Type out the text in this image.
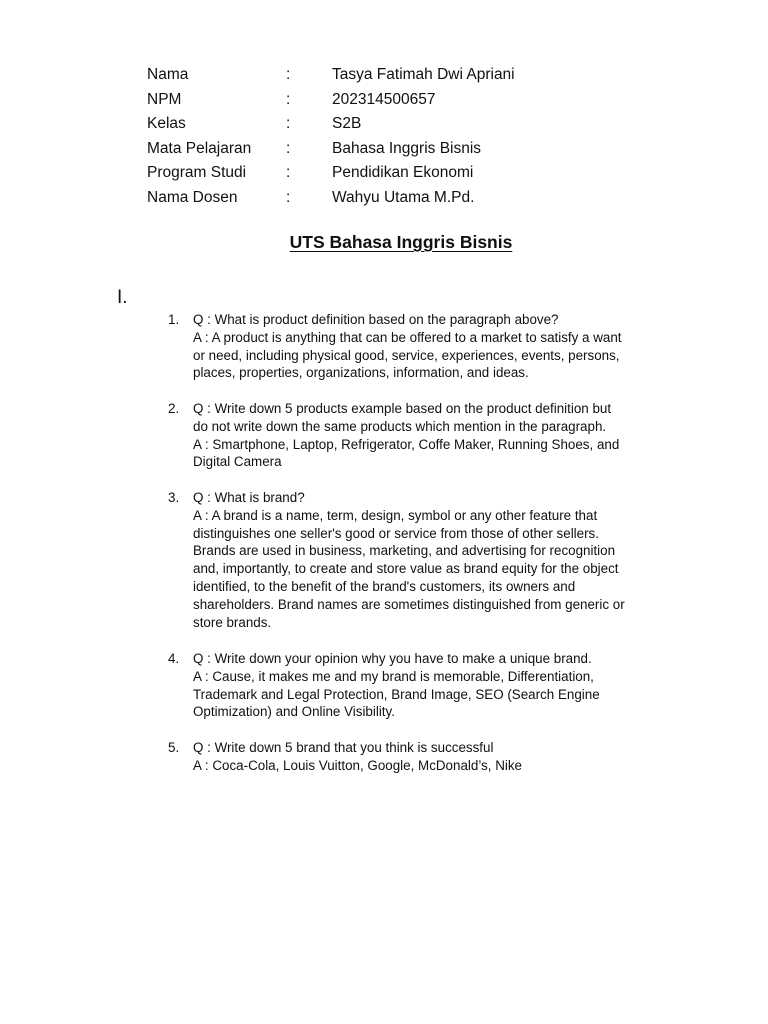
Nama	:	Tasya Fatimah Dwi Apriani
NPM	:	202314500657
Kelas	:	S2B
Mata Pelajaran :	Bahasa Inggris Bisnis
Program Studi	:	Pendidikan Ekonomi
Nama Dosen	:	Wahyu Utama M.Pd.
UTS Bahasa Inggris Bisnis
I.
1. Q : What is product definition based on the paragraph above?
A : A product is anything that can be offered to a market to satisfy a want
or need, including physical good, service, experiences, events, persons,
places, properties, organizations, information, and ideas.
2. Q : Write down 5 products example based on the product definition but
do not write down the same products which mention in the paragraph.
A : Smartphone, Laptop, Refrigerator, Coffe Maker, Running Shoes, and
Digital Camera
3. Q : What is brand?
A : A brand is a name, term, design, symbol or any other feature that
distinguishes one seller's good or service from those of other sellers.
Brands are used in business, marketing, and advertising for recognition
and, importantly, to create and store value as brand equity for the object
identified, to the benefit of the brand's customers, its owners and
shareholders. Brand names are sometimes distinguished from generic or
store brands.
4. Q : Write down your opinion why you have to make a unique brand.
A : Cause, it makes me and my brand is memorable, Differentiation,
Trademark and Legal Protection, Brand Image, SEO (Search Engine
Optimization) and Online Visibility.
5. Q : Write down 5 brand that you think is successful
A : Coca-Cola, Louis Vuitton, Google, McDonald’s, Nike
